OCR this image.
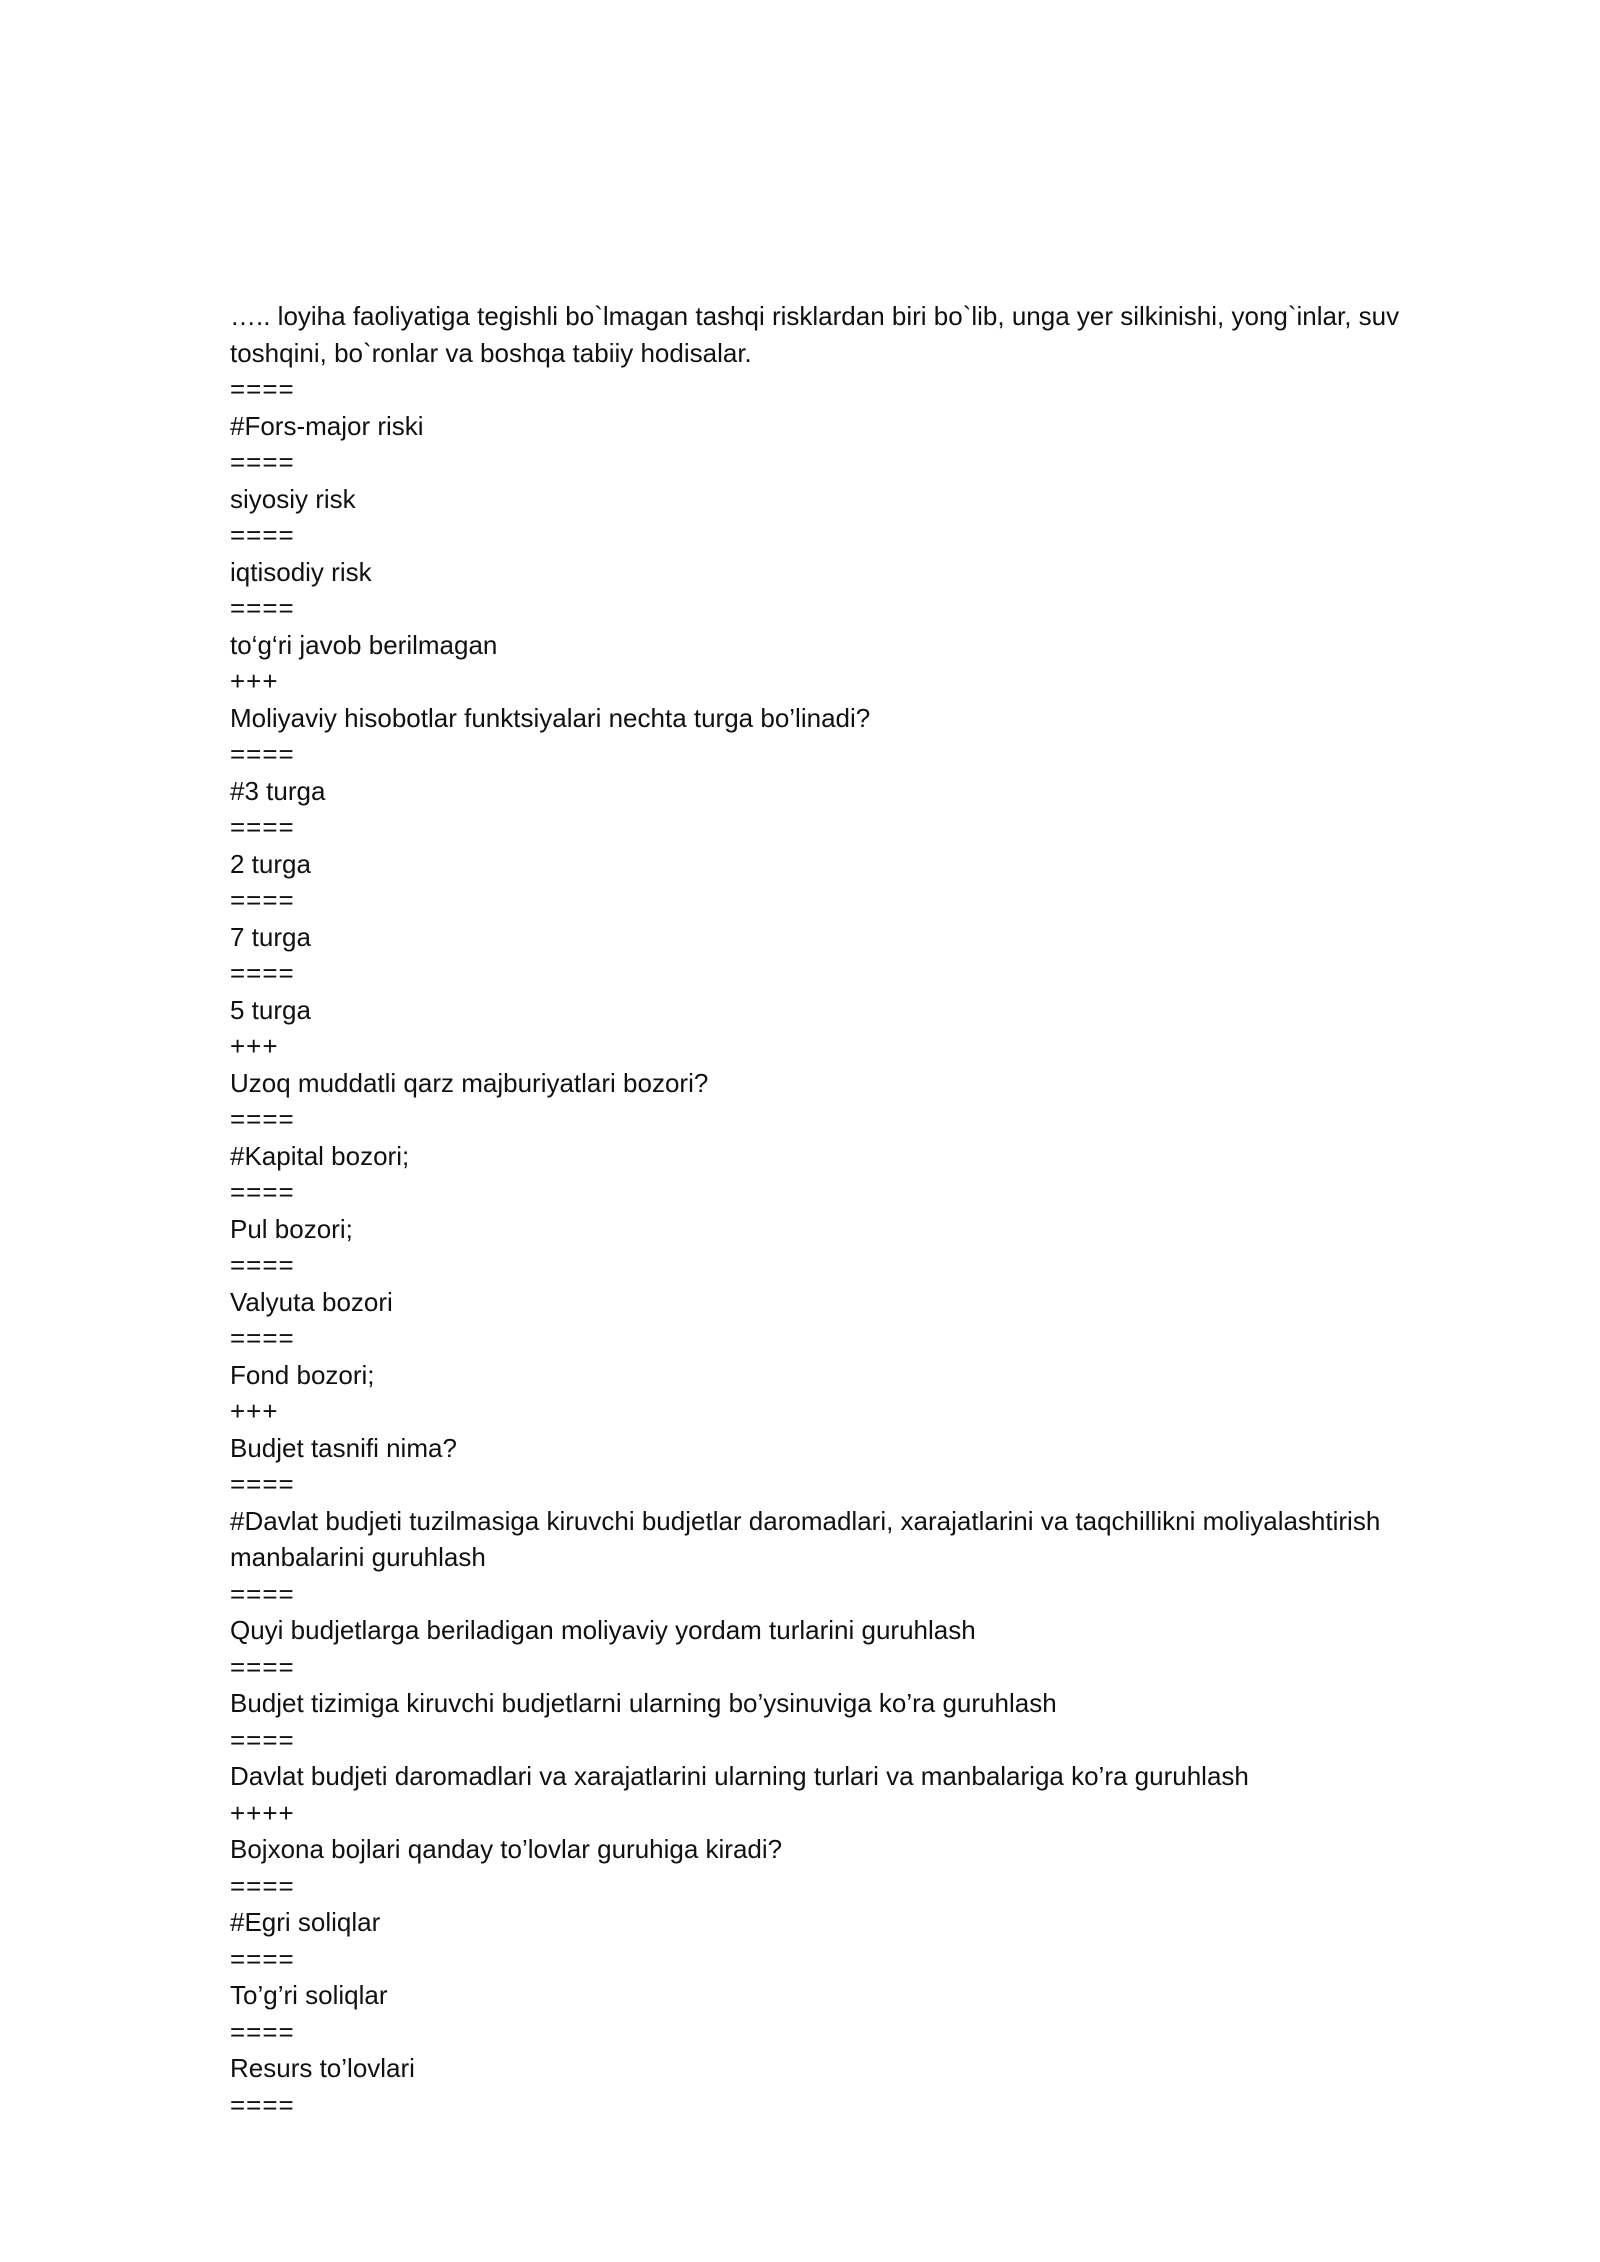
….. loyiha faoliyatiga tegishli bo`lmagan tashqi risklardan biri bo`lib, unga yer silkinishi, yong`inlar, suv toshqini, bo`ronlar va boshqa tabiiy hodisalar.

====

#Fors-major riski

====

siyosiy risk

====

iqtisodiy risk

====

to‘g‘ri javob berilmagan

+++

Moliyaviy hisobotlar funktsiyalari nechta turga bo’linadi?

====

#3 turga

====

2 turga

====

7 turga

====

5 turga

+++

Uzoq muddatli qarz majburiyatlari bozori?

====

#Kapital bozori;

====

Pul bozori;

====

Valyuta bozori

====

Fond bozori;

+++

Budjet tasnifi nima?

====

#Davlat budjeti tuzilmasiga kiruvchi budjetlar daromadlari, xarajatlarini va taqchillikni moliyalashtirish manbalarini guruhlash

====

Quyi budjetlarga beriladigan moliyaviy yordam turlarini guruhlash

====

Budjet tizimiga kiruvchi budjetlarni ularning bo’ysinuviga ko’ra guruhlash

====

Davlat budjeti daromadlari va xarajatlarini ularning turlari va manbalariga ko’ra guruhlash

++++

Bojxona bojlari qanday to’lovlar guruhiga kiradi?

====

#Egri soliqlar

====

To’g’ri soliqlar

====

Resurs to’lovlari

====
